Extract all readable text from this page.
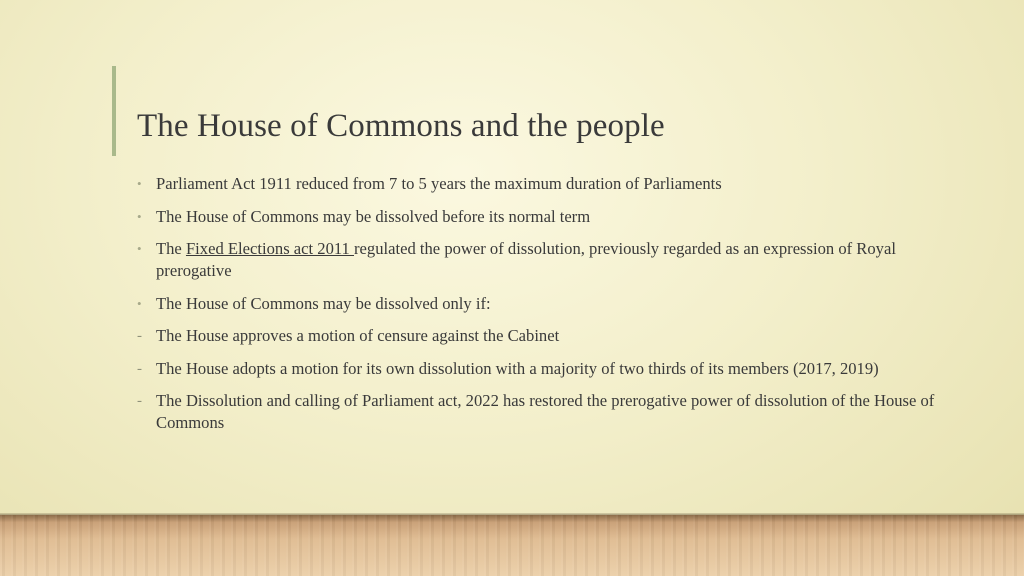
The House of Commons and the people
• Parliament Act 1911 reduced from 7 to 5 years the maximum duration of Parliaments
• The House of Commons may be dissolved before its normal term
• The Fixed Elections act 2011 regulated the power of dissolution, previously regarded as an expression of Royal prerogative
• The House of Commons may be dissolved only if:
- The House approves a motion of censure against the Cabinet
- The House adopts a motion for its own dissolution with a majority of two thirds of its members (2017, 2019)
- The Dissolution and calling of Parliament act, 2022 has restored the prerogative power of dissolution of the House of Commons
